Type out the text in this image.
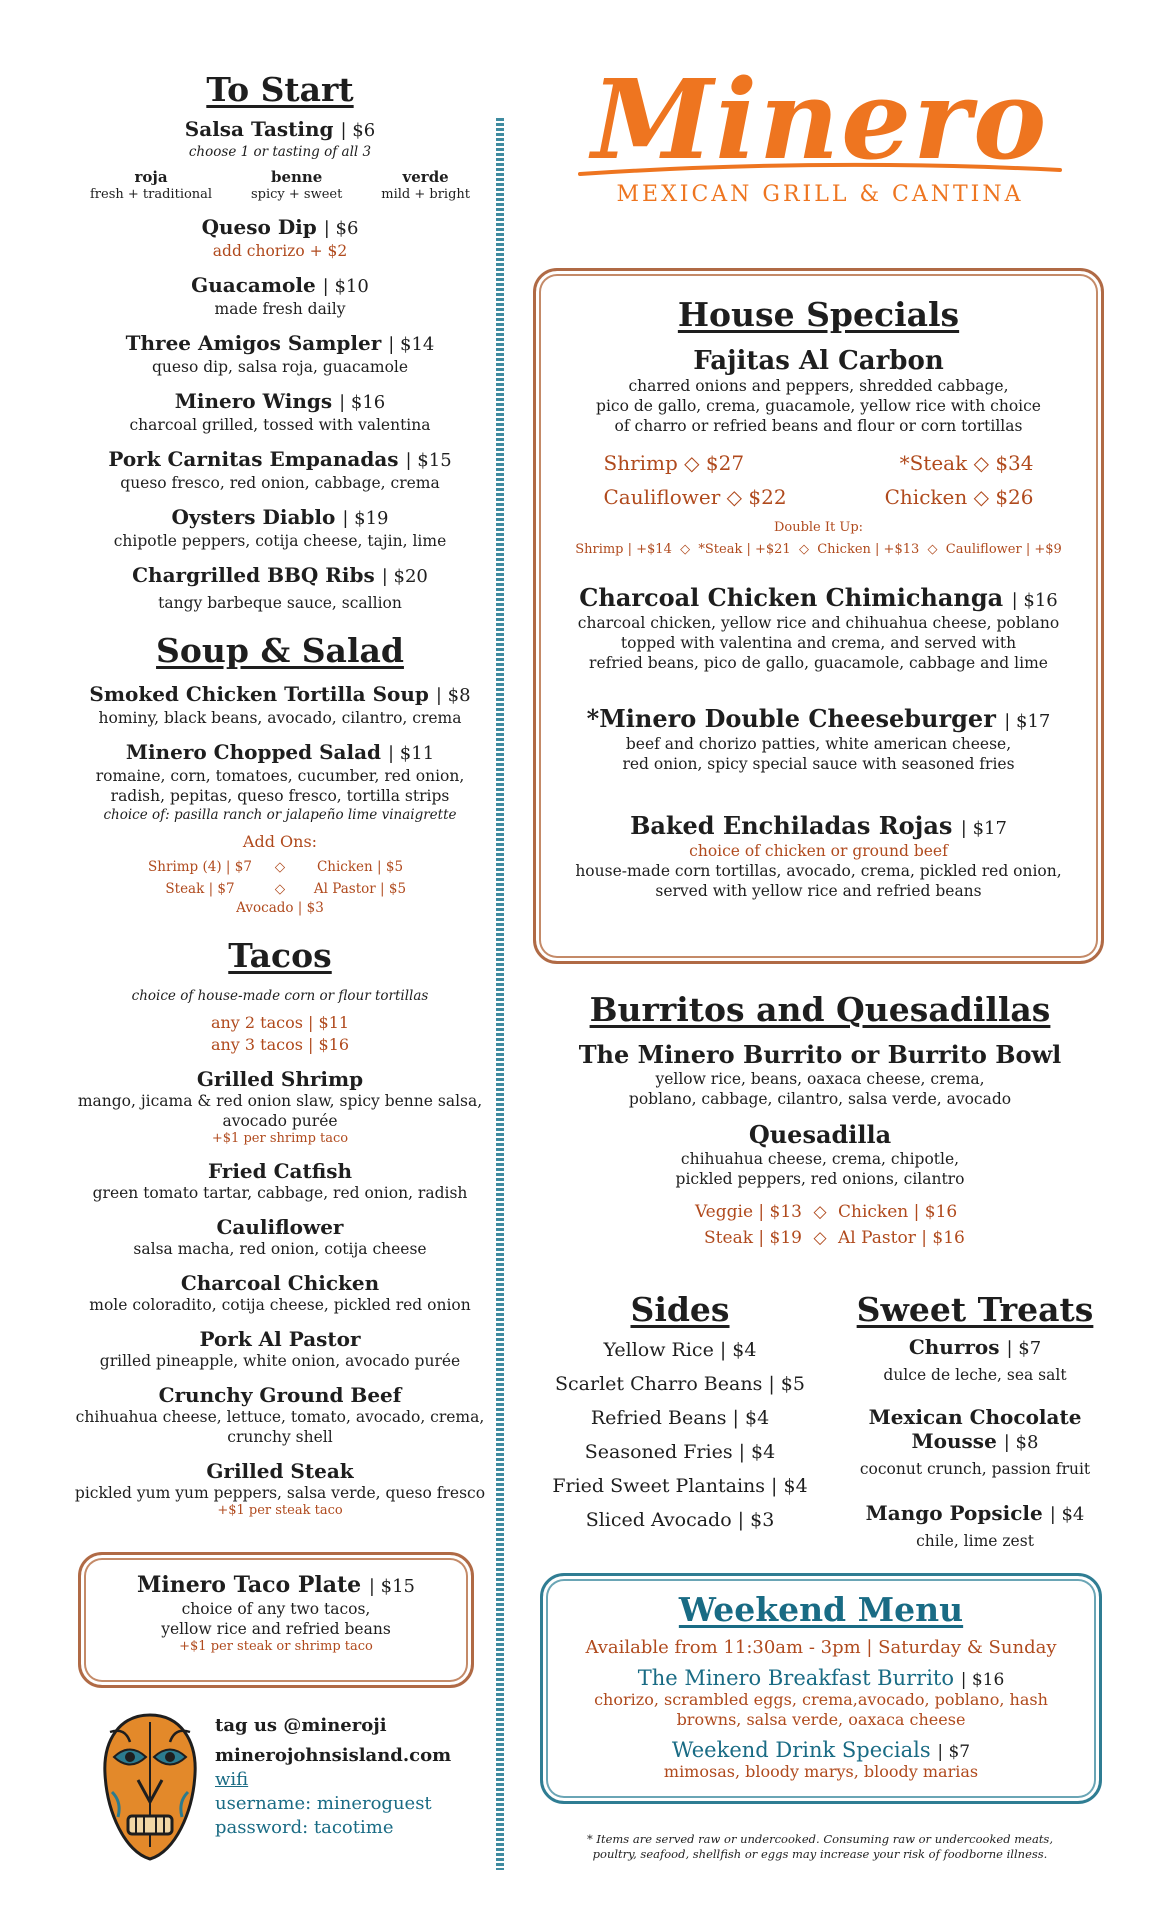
To Start
Salsa Tasting | $6
choose 1 or tasting of all 3
roja
fresh + traditional
benne
spicy + sweet
verde
mild + bright
Queso Dip | $6
add chorizo + $2
Guacamole | $10
made fresh daily
Three Amigos Sampler | $14
queso dip, salsa roja, guacamole
Minero Wings | $16
charcoal grilled, tossed with valentina
Pork Carnitas Empanadas | $15
queso fresco, red onion, cabbage, crema
Oysters Diablo | $19
chipotle peppers, cotija cheese, tajin, lime
Chargrilled BBQ Ribs | $20
tangy barbeque sauce, scallion
Soup & Salad
Smoked Chicken Tortilla Soup | $8
hominy, black beans, avocado, cilantro, crema
Minero Chopped Salad | $11
romaine, corn, tomatoes, cucumber, red onion,
radish, pepitas, queso fresco, tortilla strips
choice of: pasilla ranch or jalapeño lime vinaigrette
Add Ons:
Shrimp (4) | $7	◇	Chicken | $5
Steak | $7	◇	Al Pastor | $5
Avocado | $3
Tacos
choice of house-made corn or flour tortillas
any 2 tacos | $11
any 3 tacos | $16
Grilled Shrimp
mango, jicama & red onion slaw, spicy benne salsa, avocado purée
+$1 per shrimp taco
Fried Catfish
green tomato tartar, cabbage, red onion, radish
Cauliflower
salsa macha, red onion, cotija cheese
Charcoal Chicken
mole coloradito, cotija cheese, pickled red onion
Pork Al Pastor
grilled pineapple, white onion, avocado purée
Crunchy Ground Beef
chihuahua cheese, lettuce, tomato, avocado, crema, crunchy shell
Grilled Steak
pickled yum yum peppers, salsa verde, queso fresco
+$1 per steak taco
Minero Taco Plate | $15
choice of any two tacos,
yellow rice and refried beans
+$1 per steak or shrimp taco
tag us @mineroji
minerojohnsisland.com
wifi
username: mineroguest
password: tacotime
Minero
MEXICAN GRILL & CANTINA
House Specials
Fajitas Al Carbon
charred onions and peppers, shredded cabbage,
pico de gallo, crema, guacamole, yellow rice with choice
of charro or refried beans and flour or corn tortillas
Shrimp ◇ $27	*Steak ◇ $34
Cauliflower ◇ $22	Chicken ◇ $26
Double It Up:
Shrimp | +$14  ◇  *Steak | +$21  ◇  Chicken | +$13  ◇  Cauliflower | +$9
Charcoal Chicken Chimichanga | $16
charcoal chicken, yellow rice and chihuahua cheese, poblano
topped with valentina and crema, and served with
refried beans, pico de gallo, guacamole, cabbage and lime
*Minero Double Cheeseburger | $17
beef and chorizo patties, white american cheese,
red onion, spicy special sauce with seasoned fries
Baked Enchiladas Rojas | $17
choice of chicken or ground beef
house-made corn tortillas, avocado, crema, pickled red onion,
served with yellow rice and refried beans
Burritos and Quesadillas
The Minero Burrito or Burrito Bowl
yellow rice, beans, oaxaca cheese, crema,
poblano, cabbage, cilantro, salsa verde, avocado
Quesadilla
chihuahua cheese, crema, chipotle,
pickled peppers, red onions, cilantro
Veggie | $13 ◇ Chicken | $16
Steak | $19 ◇ Al Pastor | $16
Sides
Yellow Rice | $4
Scarlet Charro Beans | $5
Refried Beans | $4
Seasoned Fries | $4
Fried Sweet Plantains | $4
Sliced Avocado | $3
Sweet Treats
Churros | $7
dulce de leche, sea salt
Mexican Chocolate Mousse | $8
coconut crunch, passion fruit
Mango Popsicle | $4
chile, lime zest
Weekend Menu
Available from 11:30am - 3pm | Saturday & Sunday
The Minero Breakfast Burrito | $16
chorizo, scrambled eggs, crema,avocado, poblano, hash
browns, salsa verde, oaxaca cheese
Weekend Drink Specials | $7
mimosas, bloody marys, bloody marias
* Items are served raw or undercooked. Consuming raw or undercooked meats,
poultry, seafood, shellfish or eggs may increase your risk of foodborne illness.
